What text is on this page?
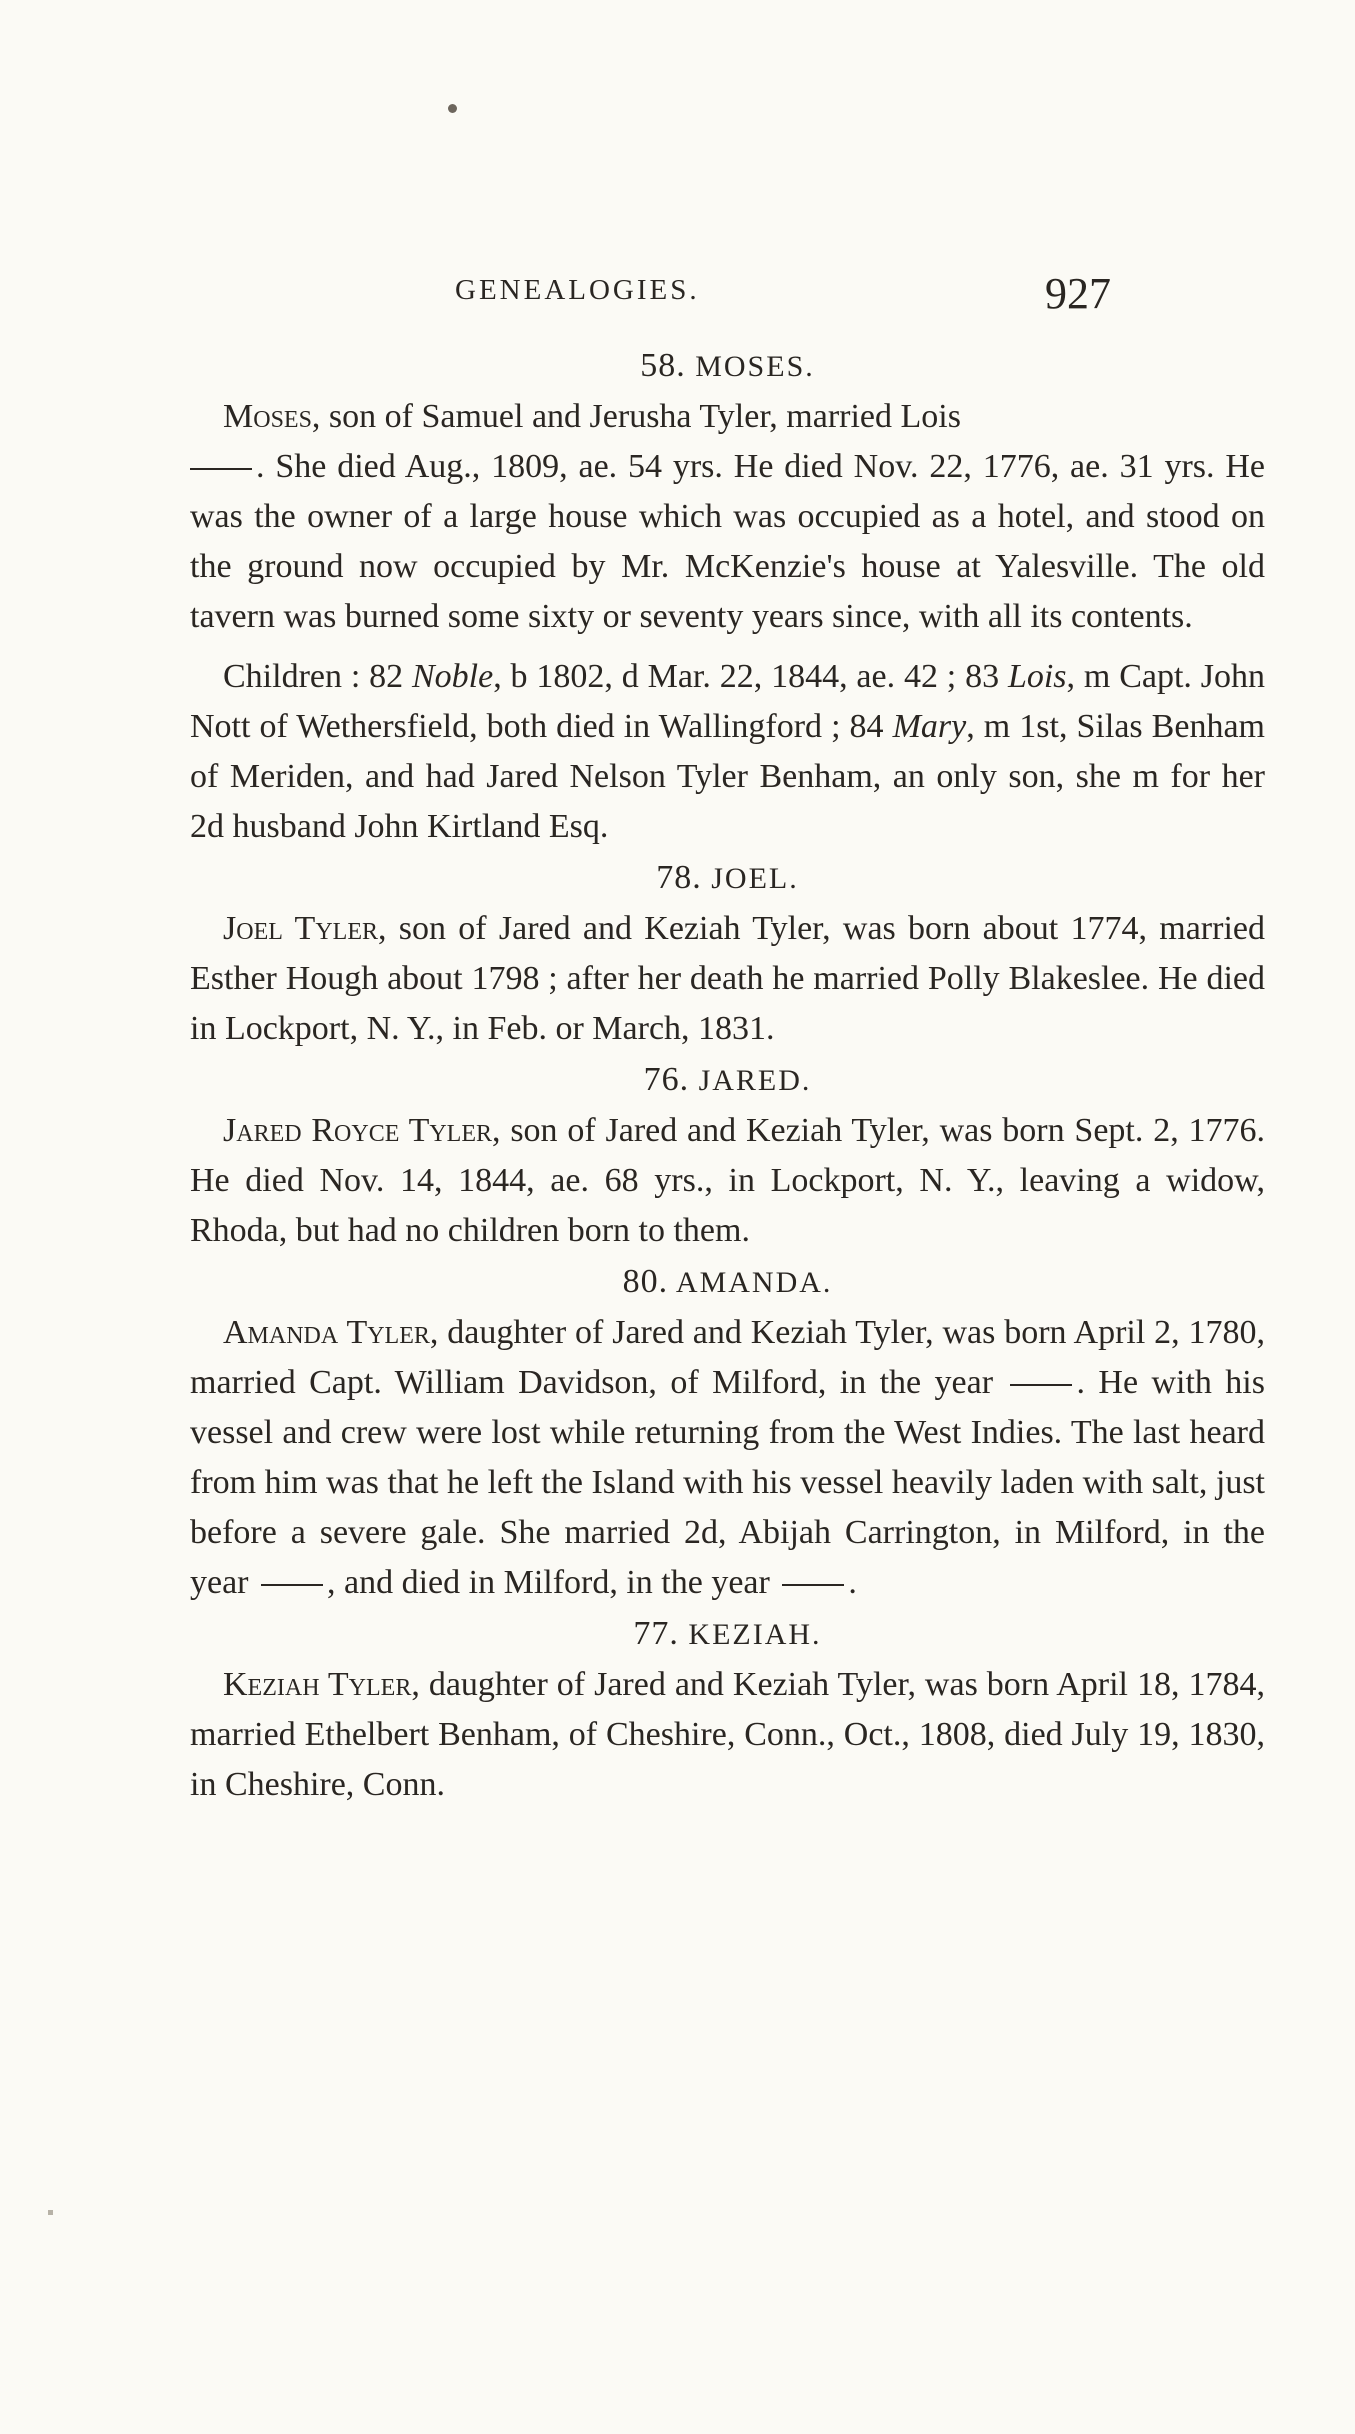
GENEALOGIES.	927
58. MOSES.

Moses, son of Samuel and Jerusha Tyler, married Lois
. She died Aug., 1809, ae. 54 yrs. He died Nov. 22, 1776, ae. 31 yrs. He was the owner of a large house which was occupied as a hotel, and stood on the ground now occupied by Mr. McKenzie's house at Yalesville. The old tavern was burned some sixty or seventy years since, with all its contents.

Children : 82 Noble, b 1802, d Mar. 22, 1844, ae. 42 ; 83 Lois, m Capt. John Nott of Wethersfield, both died in Wallingford ; 84 Mary, m 1st, Silas Benham of Meriden, and had Jared Nelson Tyler Benham, an only son, she m for her 2d husband John Kirtland Esq.

78. JOEL.

Joel Tyler, son of Jared and Keziah Tyler, was born about 1774, married Esther Hough about 1798 ; after her death he married Polly Blakeslee. He died in Lockport, N. Y., in Feb. or March, 1831.

76. JARED.

Jared Royce Tyler, son of Jared and Keziah Tyler, was born Sept. 2, 1776. He died Nov. 14, 1844, ae. 68 yrs., in Lockport, N. Y., leaving a widow, Rhoda, but had no children born to them.

80. AMANDA.

Amanda Tyler, daughter of Jared and Keziah Tyler, was born April 2, 1780, married Capt. William Davidson, of Milford, in the year . He with his vessel and crew were lost while returning from the West Indies. The last heard from him was that he left the Island with his vessel heavily laden with salt, just before a severe gale. She married 2d, Abijah Carrington, in Milford, in the year , and died in Milford, in the year .

77. KEZIAH.

Keziah Tyler, daughter of Jared and Keziah Tyler, was born April 18, 1784, married Ethelbert Benham, of Cheshire, Conn., Oct., 1808, died July 19, 1830, in Cheshire, Conn.
